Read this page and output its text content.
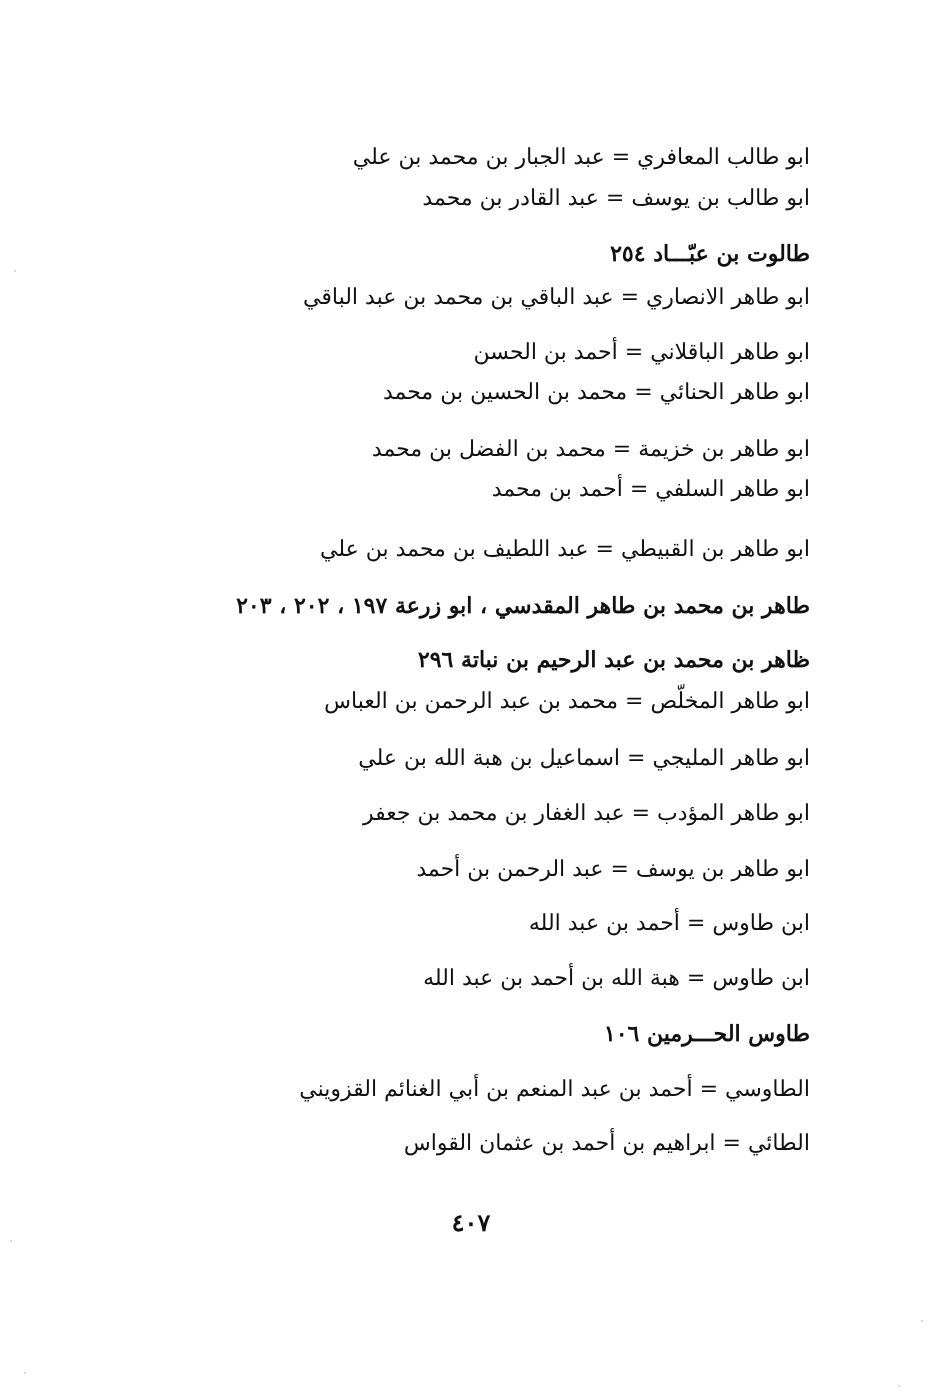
ابو طالب المعافري = عبد الجبار بن محمد بن علي
ابو طالب بن يوسف = عبد القادر بن محمد
طالوت بن عبّـــاد ٢٥٤
ابو طاهر الانصاري = عبد الباقي بن محمد بن عبد الباقي
ابو طاهر الباقلاني = أحمد بن الحسن
ابو طاهر الحنائي = محمد بن الحسين بن محمد
ابو طاهر بن خزيمة = محمد بن الفضل بن محمد
ابو طاهر السلفي = أحمد بن محمد
ابو طاهر بن القبيطي = عبد اللطيف بن محمد بن علي
طاهر بن محمد بن طاهر المقدسي ، ابو زرعة ١٩٧ ، ٢٠٢ ، ٢٠٣
ظاهر بن محمد بن عبد الرحيم بن نباتة ٢٩٦
ابو طاهر المخلّص = محمد بن عبد الرحمن بن العباس
ابو طاهر المليجي = اسماعيل بن هبة الله بن علي
ابو طاهر المؤدب = عبد الغفار بن محمد بن جعفر
ابو طاهر بن يوسف = عبد الرحمن بن أحمد
ابن طاوس = أحمد بن عبد الله
ابن طاوس = هبة الله بن أحمد بن عبد الله
طاوس الحـــرمين ١٠٦
الطاوسي = أحمد بن عبد المنعم بن أبي الغنائم القزويني
الطائي = ابراهيم بن أحمد بن عثمان القواس
٤٠٧
